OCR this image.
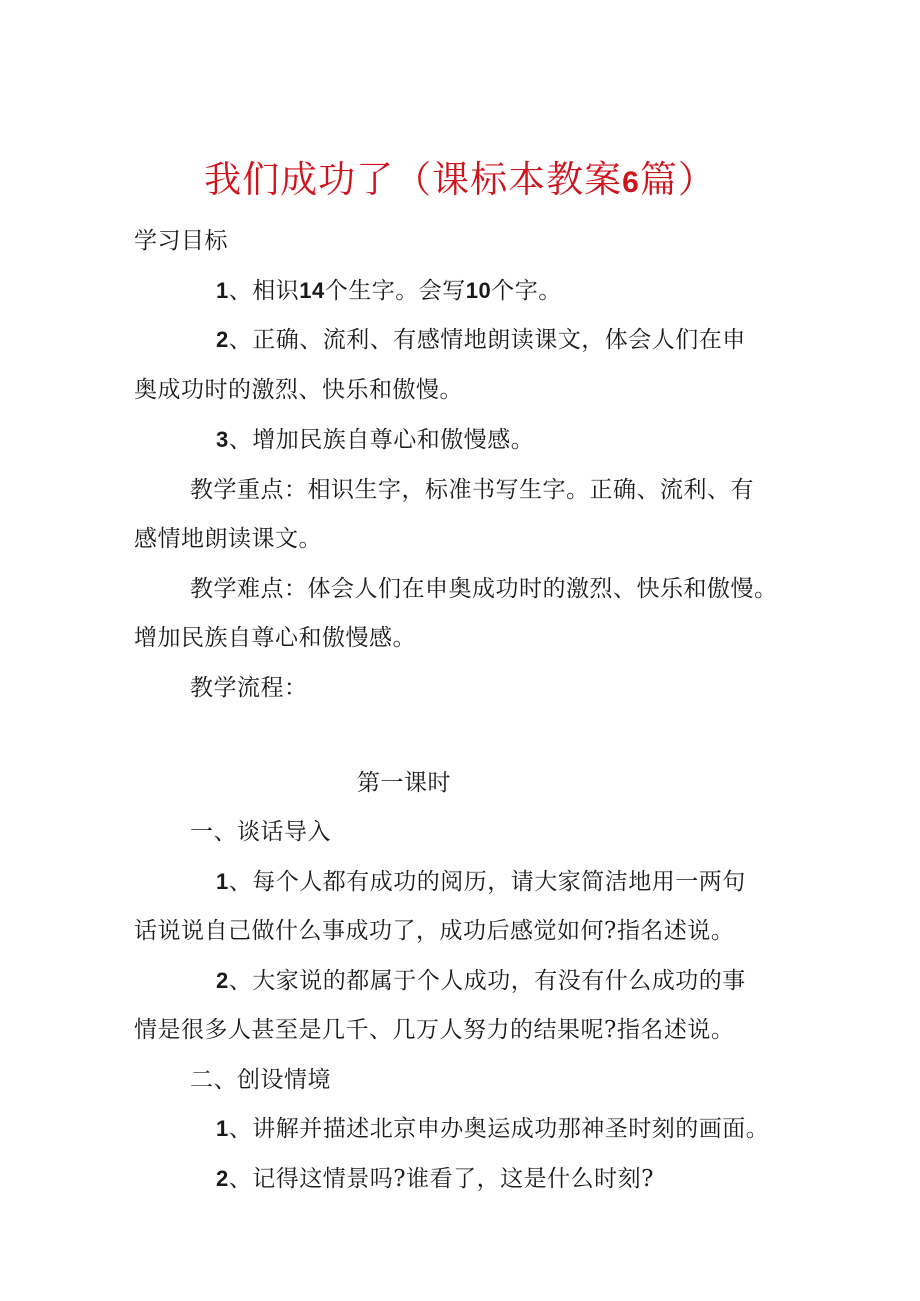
我们成功了（课标本教案6篇）
学习目标
1、相识14个生字。会写10个字。
2、正确、流利、有感情地朗读课文，体会人们在申
奥成功时的激烈、快乐和傲慢。
3、增加民族自尊心和傲慢感。
教学重点：相识生字，标准书写生字。正确、流利、有
感情地朗读课文。
教学难点：体会人们在申奥成功时的激烈、快乐和傲慢。
增加民族自尊心和傲慢感。
教学流程：
第一课时
一、谈话导入
1、每个人都有成功的阅历，请大家简洁地用一两句
话说说自己做什么事成功了，成功后感觉如何?指名述说。
2、大家说的都属于个人成功，有没有什么成功的事
情是很多人甚至是几千、几万人努力的结果呢?指名述说。
二、创设情境
1、讲解并描述北京申办奥运成功那神圣时刻的画面。
2、记得这情景吗?谁看了，这是什么时刻?
